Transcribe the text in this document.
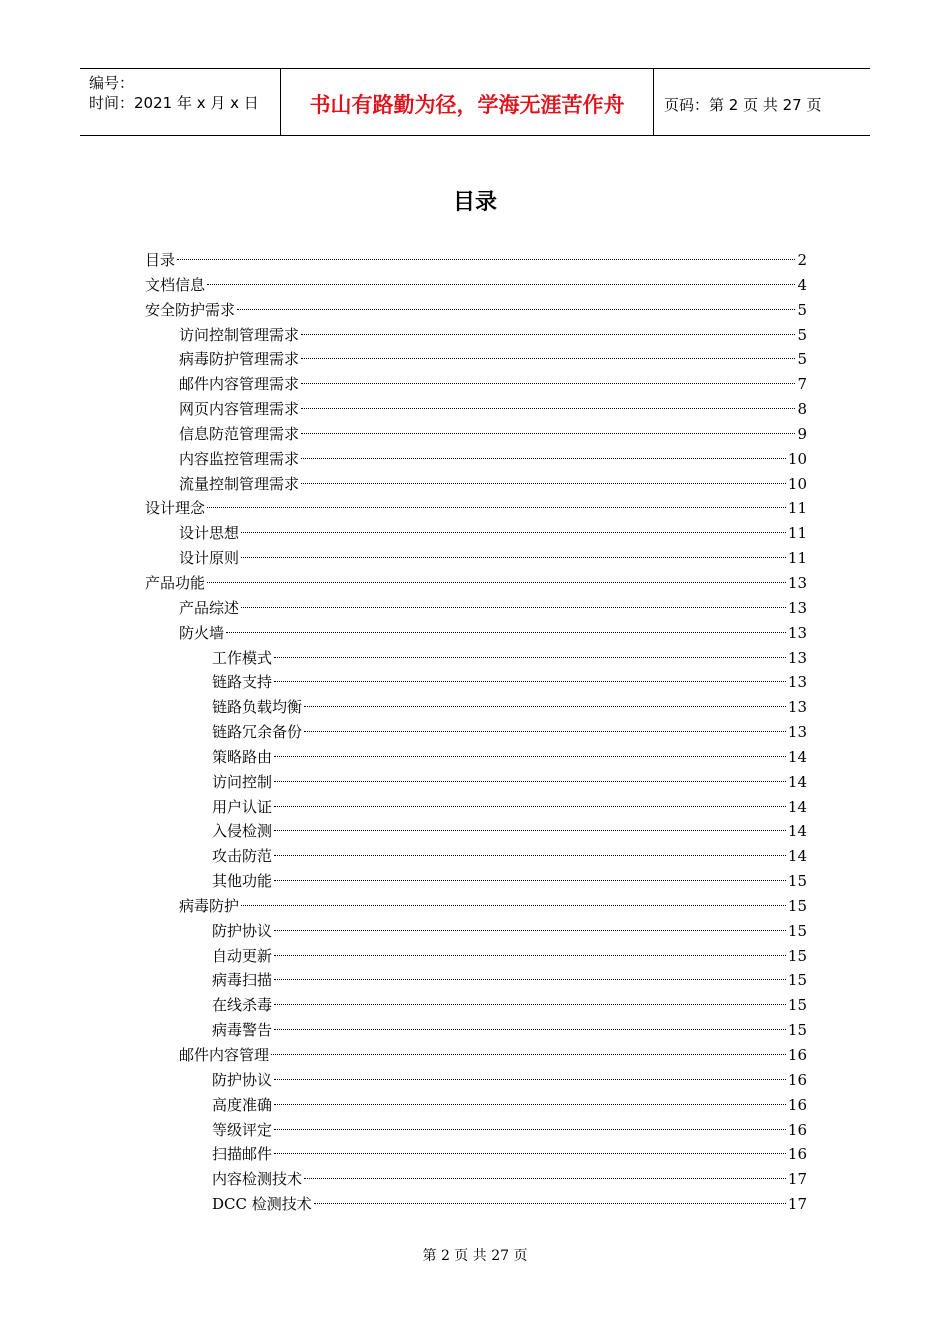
编号：
时间：2021 年 x 月 x 日	书山有路勤为径，学海无涯苦作舟	页码：第 2 页 共 27 页
目录
目录	2
文档信息	4
安全防护需求	5
访问控制管理需求	5
病毒防护管理需求	5
邮件内容管理需求	7
网页内容管理需求	8
信息防范管理需求	9
内容监控管理需求	10
流量控制管理需求	10
设计理念	11
设计思想	11
设计原则	11
产品功能	13
产品综述	13
防火墙	13
工作模式	13
链路支持	13
链路负载均衡	13
链路冗余备份	13
策略路由	14
访问控制	14
用户认证	14
入侵检测	14
攻击防范	14
其他功能	15
病毒防护	15
防护协议	15
自动更新	15
病毒扫描	15
在线杀毒	15
病毒警告	15
邮件内容管理	16
防护协议	16
高度准确	16
等级评定	16
扫描邮件	16
内容检测技术	17
DCC 检测技术	17
第 2 页 共 27 页
